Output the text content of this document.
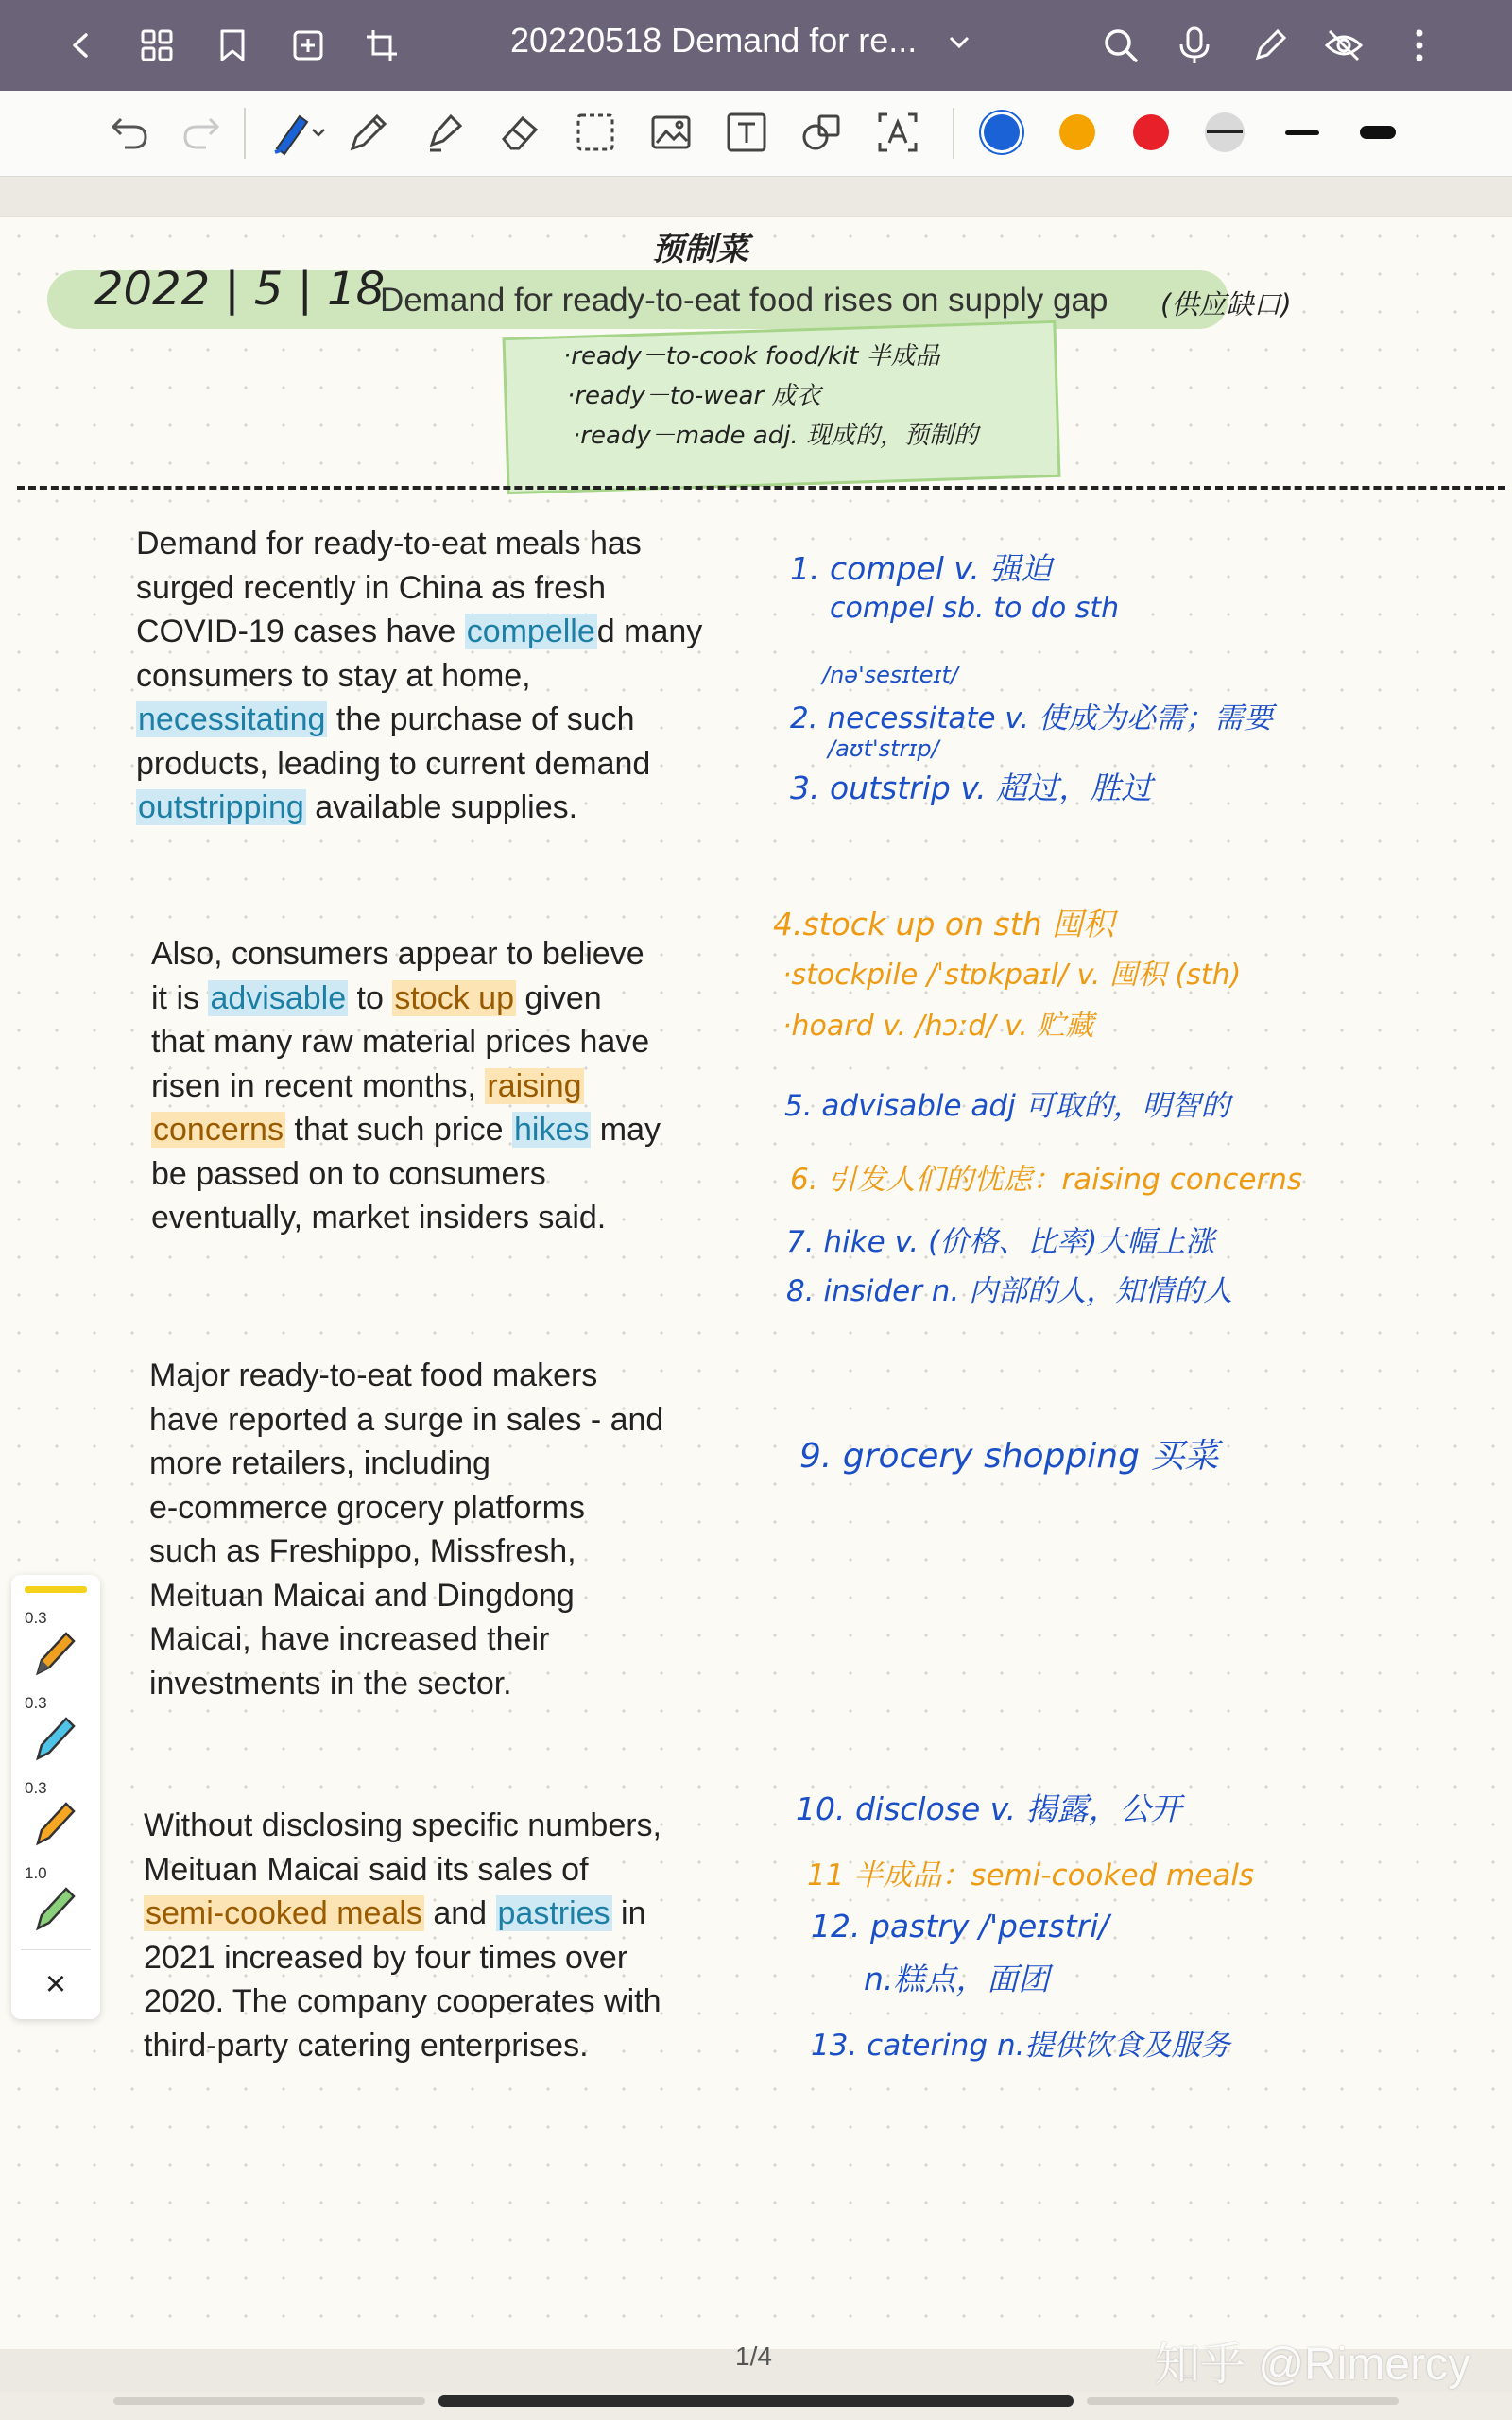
20220518 Demand for re...
预制菜
2022 | 5 | 18
Demand for ready-to-eat food rises on supply gap (供应缺口)
·ready－to-cook food/kit 半成品
·ready－to-wear 成衣
·ready－made adj. 现成的，预制的
Demand for ready-to-eat meals has
surged recently in China as fresh
COVID-19 cases have compelled many
consumers to stay at home,
necessitating the purchase of such
products, leading to current demand
outstripping available supplies.
Also, consumers appear to believe
it is advisable to stock up given
that many raw material prices have
risen in recent months, raising
concerns that such price hikes may
be passed on to consumers
eventually, market insiders said.
Major ready-to-eat food makers
have reported a surge in sales - and
more retailers, including
e-commerce grocery platforms
such as Freshippo, Missfresh,
Meituan Maicai and Dingdong
Maicai, have increased their
investments in the sector.
Without disclosing specific numbers,
Meituan Maicai said its sales of
semi-cooked meals and pastries in
2021 increased by four times over
2020. The company cooperates with
third-party catering enterprises.
1. compel v. 强迫
compel sb. to do sth
/nə'sesɪteɪt/
2. necessitate v. 使成为必需；需要
/aʊt'strɪp/
3. outstrip v. 超过，胜过
4.stock up on sth 囤积
·stockpile /ˈstɒkpaɪl/ v. 囤积 (sth)
·hoard v. /hɔːd/ v. 贮藏
5. advisable adj 可取的，明智的
6. 引发人们的忧虑：raising concerns
7. hike v. (价格、比率)大幅上涨
8. insider n. 内部的人，知情的人
9. grocery shopping 买菜
10. disclose v. 揭露，公开
11 半成品：semi-cooked meals
12. pastry /'peɪstri/
n.糕点，面团
13. catering n.提供饮食及服务
1/4
0.3
0.3
0.3
1.0
×
知乎 @Rimercy
